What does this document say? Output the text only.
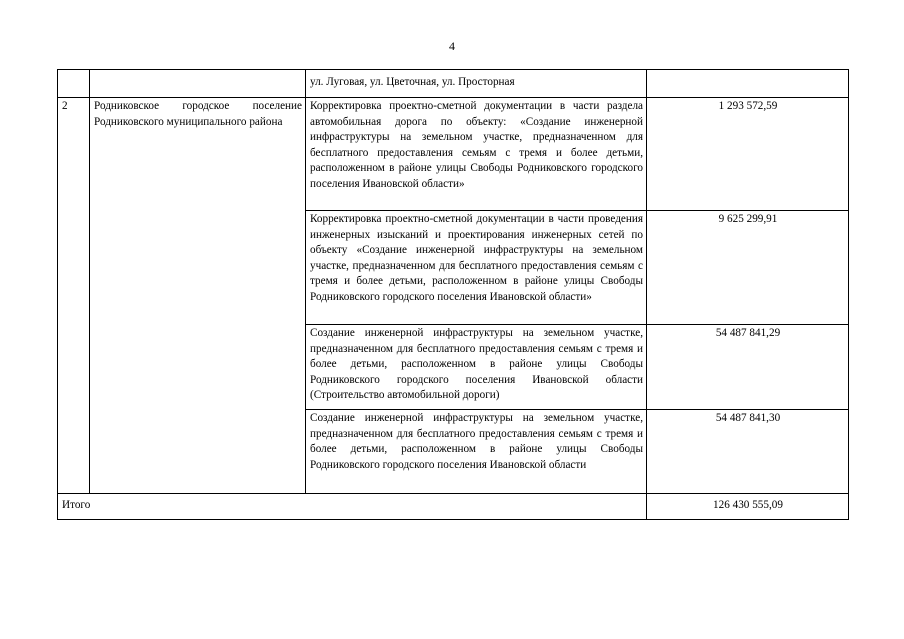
4
		ул. Луговая, ул. Цветочная, ул. Просторная	
2	Родниковское городское поселение Родниковского муниципального района	Корректировка проектно-сметной документации в части раздела автомобильная дорога по объекту: «Создание инженерной инфраструктуры на земельном участке, предназначенном для бесплатного предоставления семьям с тремя и более детьми, расположенном в районе улицы Свободы Родниковского городского поселения Ивановской области»	1 293 572,59
		Корректировка проектно-сметной документации в части проведения инженерных изысканий и проектирования инженерных сетей по объекту «Создание инженерной инфраструктуры на земельном участке, предназначенном для бесплатного предоставления семьям с тремя и более детьми, расположенном в районе улицы Свободы Родниковского городского поселения Ивановской области»	9 625 299,91
		Создание инженерной инфраструктуры на земельном участке, предназначенном для бесплатного предоставления семьям с тремя и более детьми, расположенном в районе улицы Свободы Родниковского городского поселения Ивановской области (Строительство автомобильной дороги)	54 487 841,29
		Создание инженерной инфраструктуры на земельном участке, предназначенном для бесплатного предоставления семьям с тремя и более детьми, расположенном в районе улицы Свободы Родниковского городского поселения Ивановской области	54 487 841,30
Итого			126 430 555,09
